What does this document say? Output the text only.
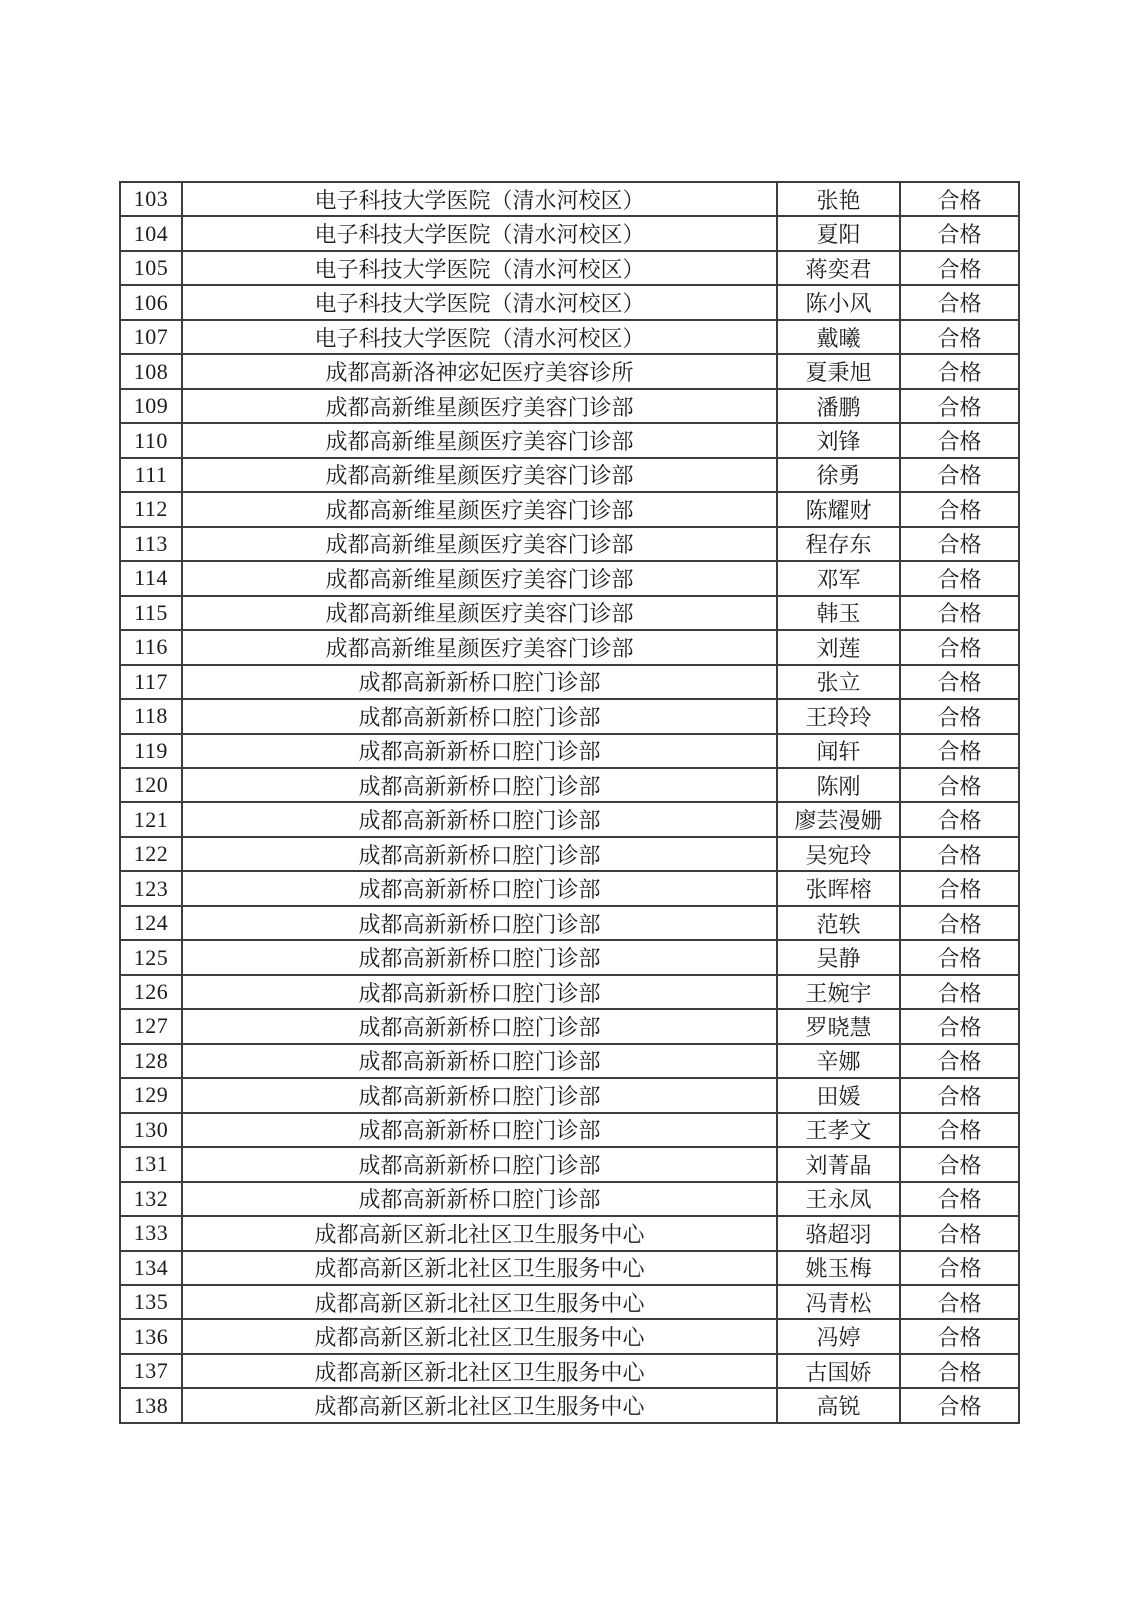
103	电子科技大学医院（清水河校区）	张艳	合格
104	电子科技大学医院（清水河校区）	夏阳	合格
105	电子科技大学医院（清水河校区）	蒋奕君	合格
106	电子科技大学医院（清水河校区）	陈小风	合格
107	电子科技大学医院（清水河校区）	戴曦	合格
108	成都高新洛神宓妃医疗美容诊所	夏秉旭	合格
109	成都高新维星颜医疗美容门诊部	潘鹏	合格
110	成都高新维星颜医疗美容门诊部	刘锋	合格
111	成都高新维星颜医疗美容门诊部	徐勇	合格
112	成都高新维星颜医疗美容门诊部	陈耀财	合格
113	成都高新维星颜医疗美容门诊部	程存东	合格
114	成都高新维星颜医疗美容门诊部	邓军	合格
115	成都高新维星颜医疗美容门诊部	韩玉	合格
116	成都高新维星颜医疗美容门诊部	刘莲	合格
117	成都高新新桥口腔门诊部	张立	合格
118	成都高新新桥口腔门诊部	王玲玲	合格
119	成都高新新桥口腔门诊部	闻轩	合格
120	成都高新新桥口腔门诊部	陈刚	合格
121	成都高新新桥口腔门诊部	廖芸漫姗	合格
122	成都高新新桥口腔门诊部	吴宛玲	合格
123	成都高新新桥口腔门诊部	张晖榕	合格
124	成都高新新桥口腔门诊部	范轶	合格
125	成都高新新桥口腔门诊部	吴静	合格
126	成都高新新桥口腔门诊部	王婉宇	合格
127	成都高新新桥口腔门诊部	罗晓慧	合格
128	成都高新新桥口腔门诊部	辛娜	合格
129	成都高新新桥口腔门诊部	田媛	合格
130	成都高新新桥口腔门诊部	王孝文	合格
131	成都高新新桥口腔门诊部	刘菁晶	合格
132	成都高新新桥口腔门诊部	王永凤	合格
133	成都高新区新北社区卫生服务中心	骆超羽	合格
134	成都高新区新北社区卫生服务中心	姚玉梅	合格
135	成都高新区新北社区卫生服务中心	冯青松	合格
136	成都高新区新北社区卫生服务中心	冯婷	合格
137	成都高新区新北社区卫生服务中心	古国娇	合格
138	成都高新区新北社区卫生服务中心	高锐	合格
